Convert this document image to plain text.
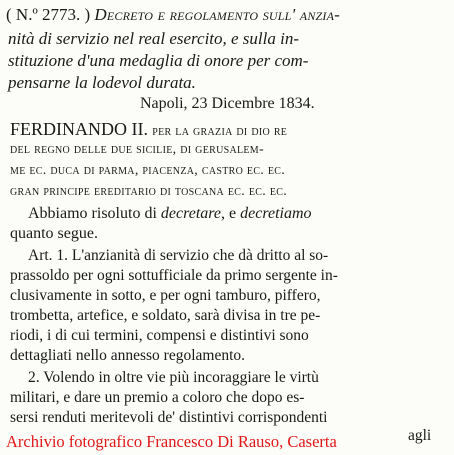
( N.º 2773. ) Decreto e regolamento sull' anzia-
nità di servizio nel real esercito, e sulla in-
stituzione d'una medaglia di onore per com-
pensarne la lodevol durata.
Napoli, 23 Dicembre 1834.
FERDINANDO II. per la grazia di dio re
del regno delle due sicilie, di gerusalem-
me ec. duca di parma, piacenza, castro ec. ec.
gran principe ereditario di toscana ec. ec. ec.
Abbiamo risoluto di decretare, e decretiamo
quanto segue.
Art. 1. L'anzianità di servizio che dà dritto al so-
prassoldo per ogni sottufficiale da primo sergente in-
clusivamente in sotto, e per ogni tamburo, piffero,
trombetta, artefice, e soldato, sarà divisa in tre pe-
riodi, i di cui termini, compensi e distintivi sono
dettagliati nello annesso regolamento.
2. Volendo in oltre vie più incoraggiare le virtù
militari, e dare un premio a coloro che dopo es-
sersi renduti meritevoli de' distintivi corrispondenti
agli
Archivio fotografico Francesco Di Rauso, Caserta
